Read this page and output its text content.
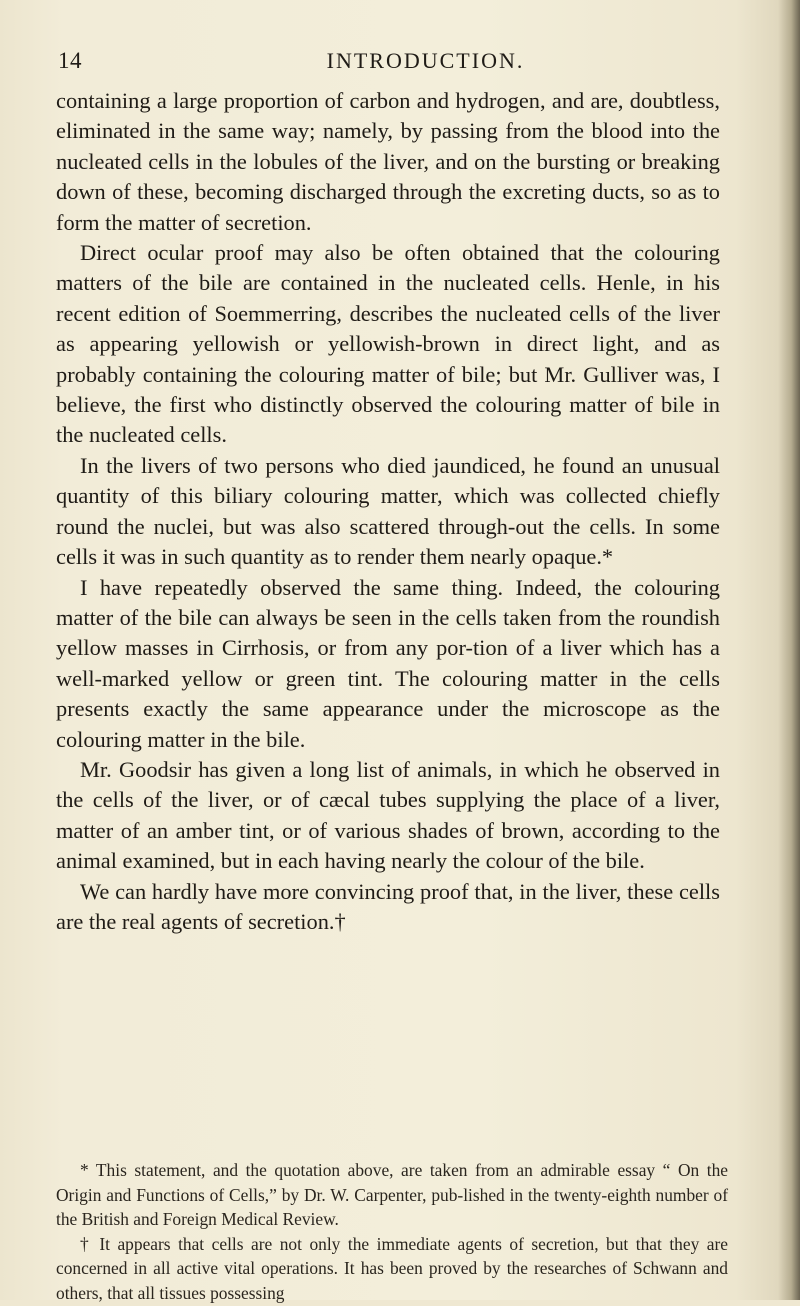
14	INTRODUCTION.

containing a large proportion of carbon and hydrogen, and are, doubtless, eliminated in the same way; namely, by passing from the blood into the nucleated cells in the lobules of the liver, and on the bursting or breaking down of these, becoming discharged through the excreting ducts, so as to form the matter of secretion.

Direct ocular proof may also be often obtained that the colouring matters of the bile are contained in the nucleated cells. Henle, in his recent edition of Soemmerring, describes the nucleated cells of the liver as appearing yellowish or yellowish-brown in direct light, and as probably containing the colouring matter of bile; but Mr. Gulliver was, I believe, the first who distinctly observed the colouring matter of bile in the nucleated cells.

In the livers of two persons who died jaundiced, he found an unusual quantity of this biliary colouring matter, which was collected chiefly round the nuclei, but was also scattered through-out the cells. In some cells it was in such quantity as to render them nearly opaque.*

I have repeatedly observed the same thing. Indeed, the colouring matter of the bile can always be seen in the cells taken from the roundish yellow masses in Cirrhosis, or from any por-tion of a liver which has a well-marked yellow or green tint. The colouring matter in the cells presents exactly the same appearance under the microscope as the colouring matter in the bile.

Mr. Goodsir has given a long list of animals, in which he observed in the cells of the liver, or of cæcal tubes supplying the place of a liver, matter of an amber tint, or of various shades of brown, according to the animal examined, but in each having nearly the colour of the bile.

We can hardly have more convincing proof that, in the liver, these cells are the real agents of secretion.†

* This statement, and the quotation above, are taken from an admirable essay “ On the Origin and Functions of Cells,” by Dr. W. Carpenter, pub-lished in the twenty-eighth number of the British and Foreign Medical Review.

† It appears that cells are not only the immediate agents of secretion, but that they are concerned in all active vital operations. It has been proved by the researches of Schwann and others, that all tissues possessing
